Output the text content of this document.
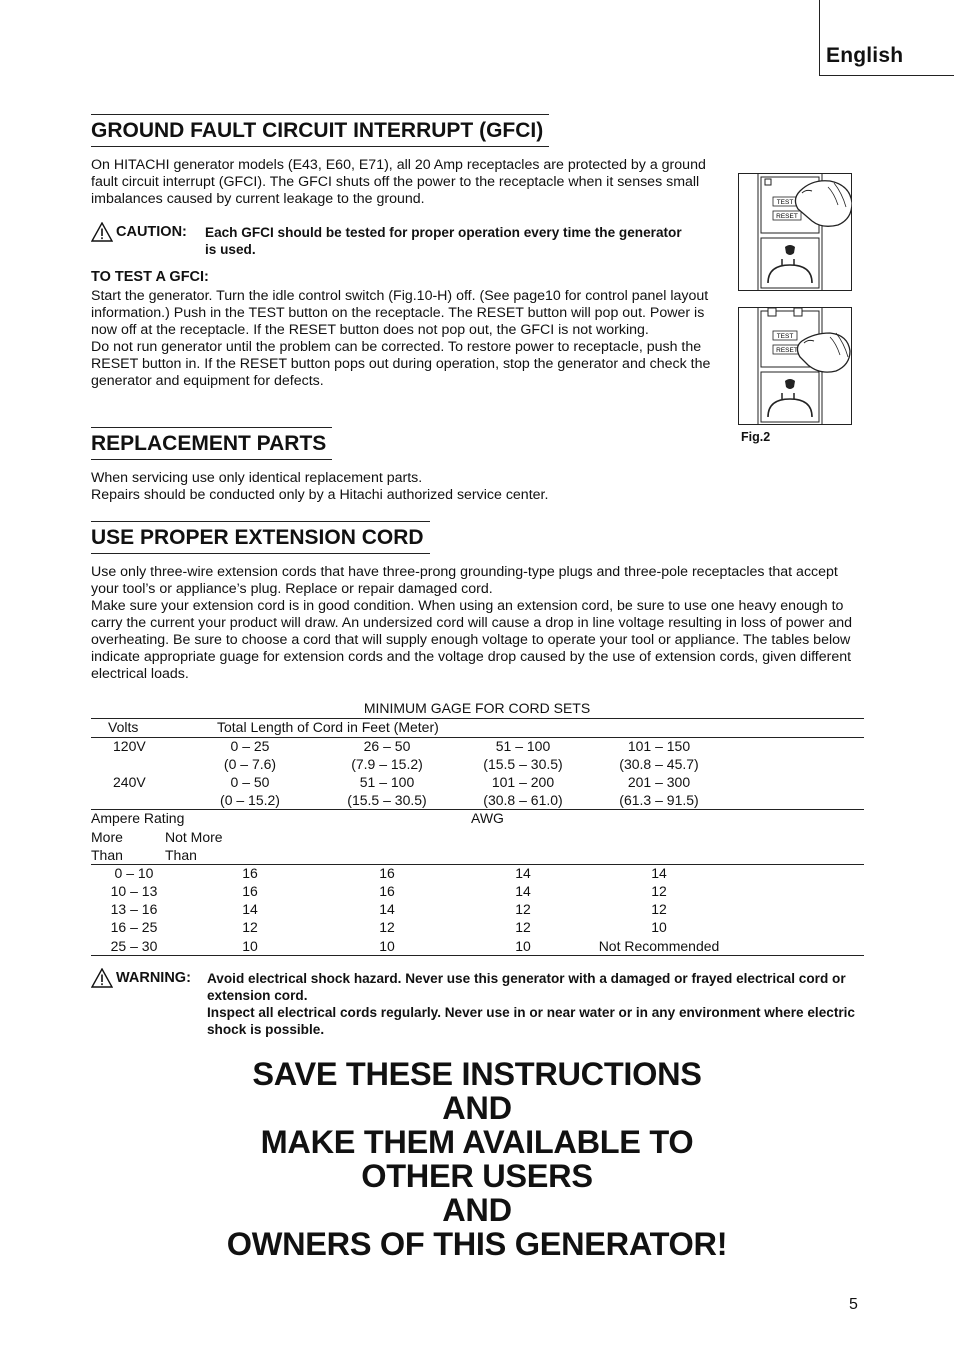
English
GROUND FAULT CIRCUIT INTERRUPT (GFCI)

On HITACHI generator models (E43, E60, E71), all 20 Amp receptacles are protected by a ground fault circuit interrupt (GFCI). The GFCI shuts off the power to the receptacle when it senses small imbalances caused by current leakage to the ground.

CAUTION: Each GFCI should be tested for proper operation every time the generator is used.

TO TEST A GFCI:

Start the generator. Turn the idle control switch (Fig.10-H) off. (See page10 for control panel layout information.) Push in the TEST button on the receptacle. The RESET button will pop out. Power is now off at the receptacle. If the RESET button does not pop out, the GFCI is not working.
Do not run generator until the problem can be corrected. To restore power to receptacle, push the RESET button in. If the RESET button pops out during operation, stop the generator and check the generator and equipment for defects.

TEST
RESET
TEST
RESET
Fig.2
REPLACEMENT PARTS

When servicing use only identical replacement parts.
Repairs should be conducted only by a Hitachi authorized service center.

USE PROPER EXTENSION CORD

Use only three-wire extension cords that have three-prong grounding-type plugs and three-pole receptacles that accept your tool’s or appliance’s plug. Replace or repair damaged cord.
Make sure your extension cord is in good condition. When using an extension cord, be sure to use one heavy enough to carry the current your product will draw. An undersized cord will cause a drop in line voltage resulting in loss of power and overheating. Be sure to choose a cord that will supply enough voltage to operate your tool or appliance. The tables below indicate appropriate guage for extension cords and the voltage drop caused by the use of extension cords, given different electrical loads.

MINIMUM GAGE FOR CORD SETS
Volts	Total Length of Cord in Feet (Meter)
120V	0 – 25	26 – 50	51 – 100	101 – 150
(0 – 7.6)	(7.9 – 15.2)	(15.5 – 30.5)	(30.8 – 45.7)
240V	0 – 50	51 – 100	101 – 200	201 – 300
(0 – 15.2)	(15.5 – 30.5)	(30.8 – 61.0)	(61.3 – 91.5)
Ampere Rating	AWG
More	Not More
Than	Than
0 – 10	16	16	14	14
10 – 13	16	16	14	12
13 – 16	14	14	12	12
16 – 25	12	12	12	10
25 – 30	10	10	10	Not Recommended
WARNING: Avoid electrical shock hazard. Never use this generator with a damaged or frayed electrical cord or extension cord.

Inspect all electrical cords regularly. Never use in or near water or in any environment where electric shock is possible.

SAVE THESE INSTRUCTIONS
AND
MAKE THEM AVAILABLE TO
OTHER USERS
AND
OWNERS OF THIS GENERATOR!
5
